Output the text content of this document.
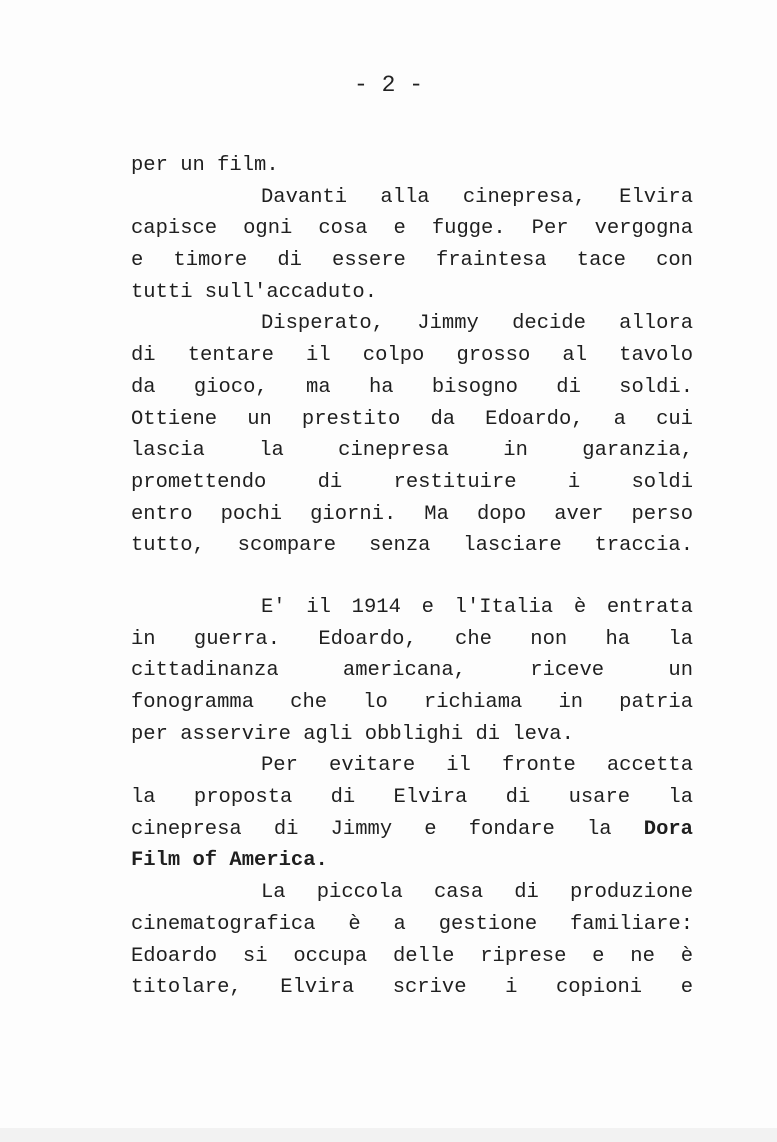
- 2 -
per un film.
Davanti alla cinepresa, Elvira
capisce ogni cosa e fugge. Per vergogna
e timore di essere fraintesa tace con
tutti sull'accaduto.
Disperato, Jimmy decide allora
di tentare il colpo grosso al tavolo
da gioco, ma ha bisogno di soldi.
Ottiene un prestito da Edoardo, a cui
lascia la cinepresa in garanzia,
promettendo di restituire i soldi
entro pochi giorni. Ma dopo aver perso
tutto, scompare senza lasciare traccia.
E' il 1914 e l'Italia è entrata
in guerra. Edoardo, che non ha la
cittadinanza americana, riceve un
fonogramma che lo richiama in patria
per asservire agli obblighi di leva.
Per evitare il fronte accetta
la proposta di Elvira di usare la
cinepresa di Jimmy e fondare la Dora
Film of America.
La piccola casa di produzione
cinematografica è a gestione familiare:
Edoardo si occupa delle riprese e ne è
titolare, Elvira scrive i copioni e
